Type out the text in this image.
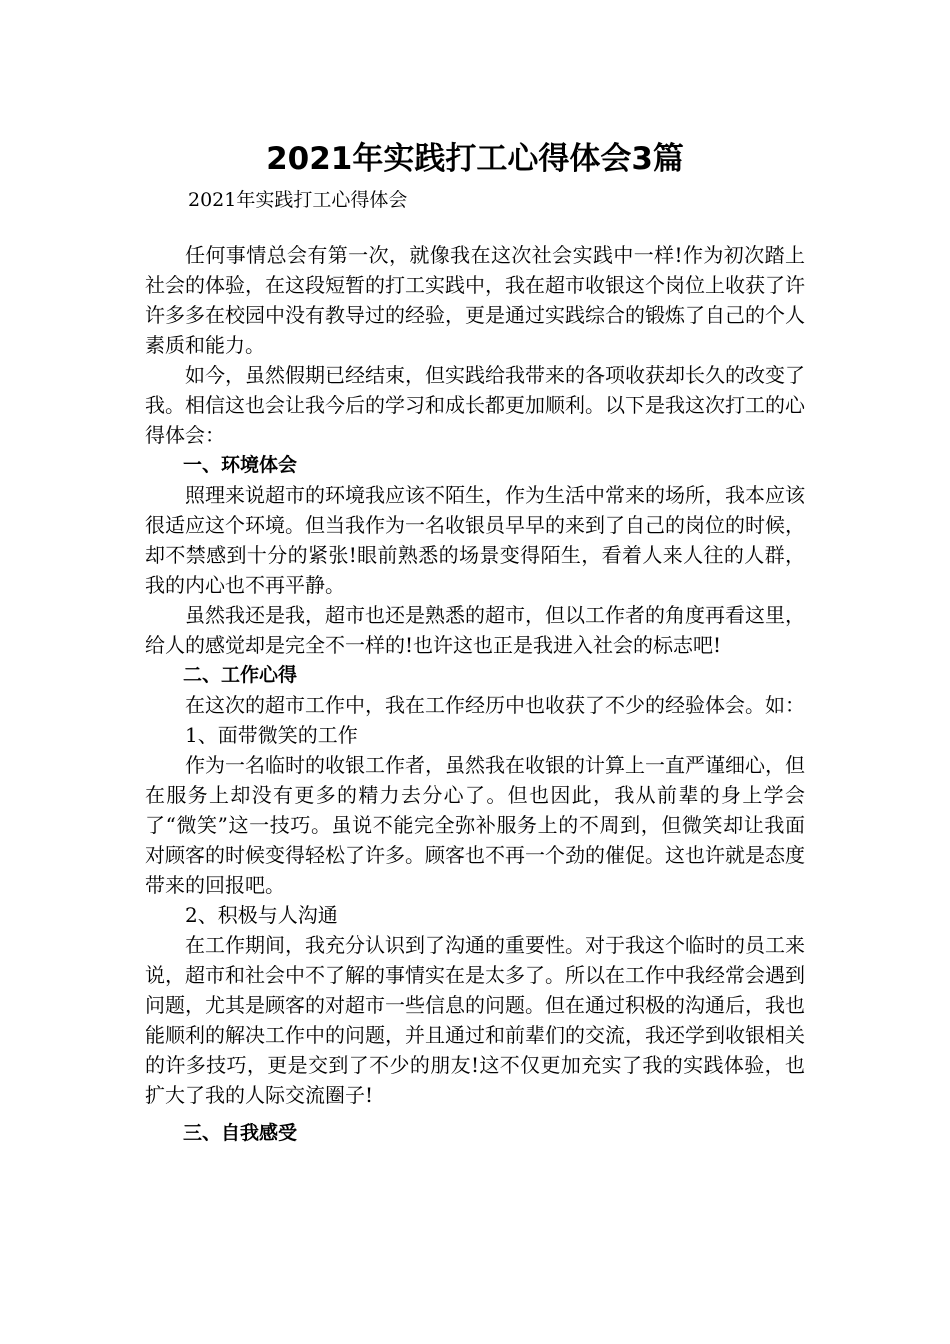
2021年实践打工心得体会3篇
2021年实践打工心得体会

任何事情总会有第一次，就像我在这次社会实践中一样!作为初次踏上社会的体验，在这段短暂的打工实践中，我在超市收银这个岗位上收获了许许多多在校园中没有教导过的经验，更是通过实践综合的锻炼了自己的个人素质和能力。

如今，虽然假期已经结束，但实践给我带来的各项收获却长久的改变了我。相信这也会让我今后的学习和成长都更加顺利。以下是我这次打工的心得体会：

一、环境体会

照理来说超市的环境我应该不陌生，作为生活中常来的场所，我本应该很适应这个环境。但当我作为一名收银员早早的来到了自己的岗位的时候，却不禁感到十分的紧张!眼前熟悉的场景变得陌生，看着人来人往的人群，我的内心也不再平静。

虽然我还是我，超市也还是熟悉的超市，但以工作者的角度再看这里，给人的感觉却是完全不一样的!也许这也正是我进入社会的标志吧!

二、工作心得

在这次的超市工作中，我在工作经历中也收获了不少的经验体会。如：

1、面带微笑的工作

作为一名临时的收银工作者，虽然我在收银的计算上一直严谨细心，但在服务上却没有更多的精力去分心了。但也因此，我从前辈的身上学会了“微笑”这一技巧。虽说不能完全弥补服务上的不周到，但微笑却让我面对顾客的时候变得轻松了许多。顾客也不再一个劲的催促。这也许就是态度带来的回报吧。

2、积极与人沟通

在工作期间，我充分认识到了沟通的重要性。对于我这个临时的员工来说，超市和社会中不了解的事情实在是太多了。所以在工作中我经常会遇到问题，尤其是顾客的对超市一些信息的问题。但在通过积极的沟通后，我也能顺利的解决工作中的问题，并且通过和前辈们的交流，我还学到收银相关的许多技巧，更是交到了不少的朋友!这不仅更加充实了我的实践体验，也扩大了我的人际交流圈子!

三、自我感受
